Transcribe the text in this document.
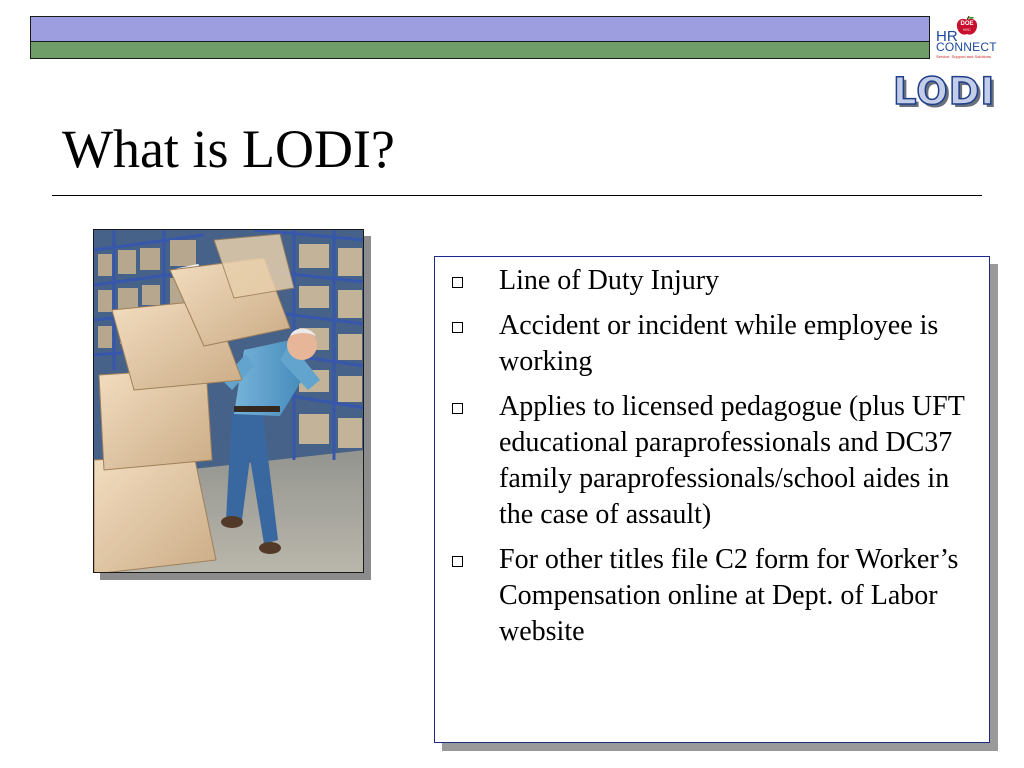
DOE
NYC
HR
CONNECT
Service, Support and Solutions
LODI
What is LODI?
Line of Duty Injury
Accident or incident while employee is working
Applies to licensed pedagogue (plus UFT educational paraprofessionals and DC37 family paraprofessionals/school aides in the case of assault)
For other titles file C2 form for Worker’s Compensation online at Dept. of Labor website
